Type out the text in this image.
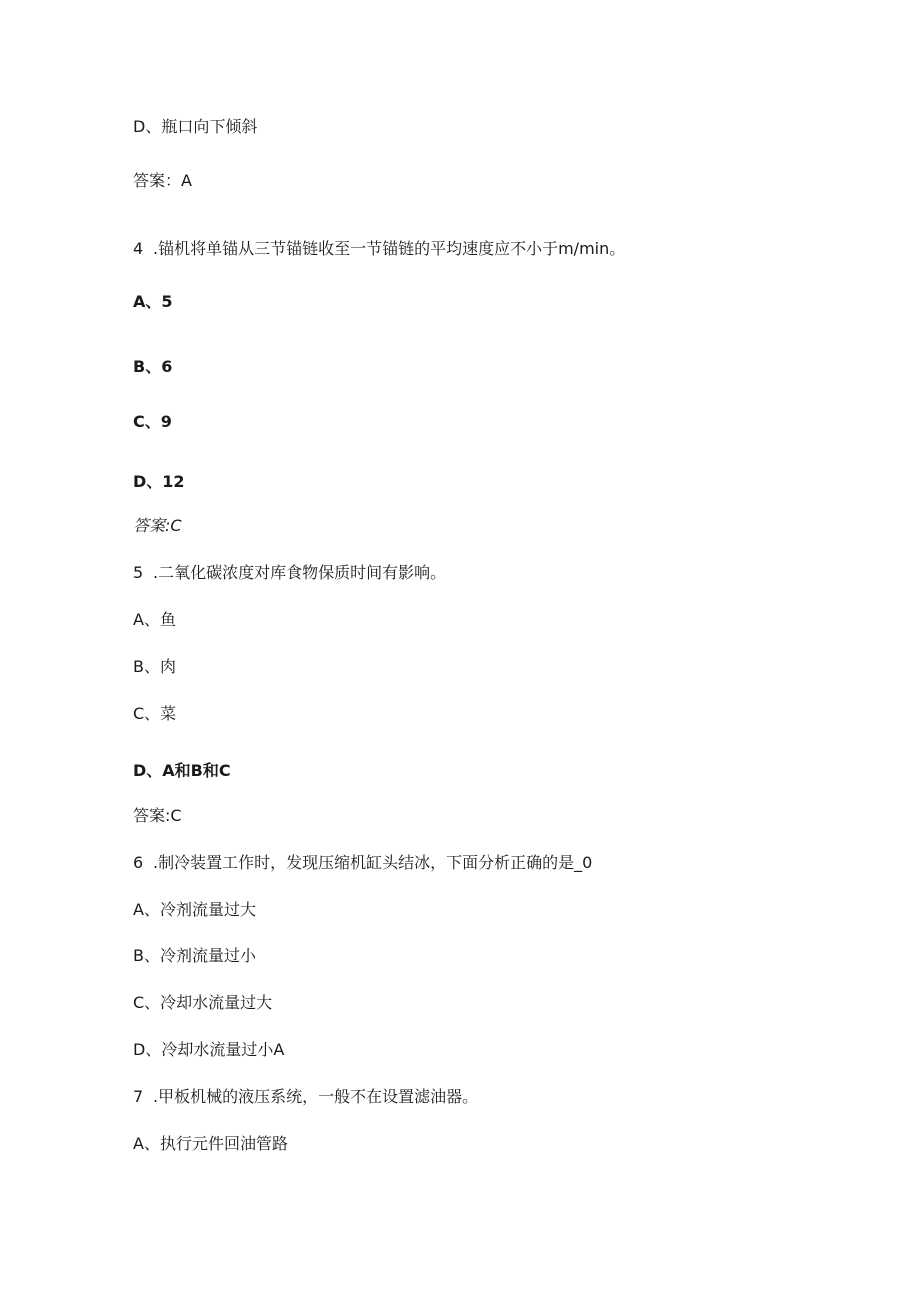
D、瓶口向下倾斜
答案：A
4 .锚机将单锚从三节锚链收至一节锚链的平均速度应不小于m/min。
A、5
B、6
C、9
D、12
答案:C
5 .二氧化碳浓度对库食物保质时间有影响。
A、鱼
B、肉
C、菜
D、A和B和C
答案:C
6 .制冷装置工作时，发现压缩机缸头结冰，下面分析正确的是_0
A、冷剂流量过大
B、冷剂流量过小
C、冷却水流量过大
D、冷却水流量过小A
7 .甲板机械的液压系统，一般不在设置滤油器。
A、执行元件回油管路
